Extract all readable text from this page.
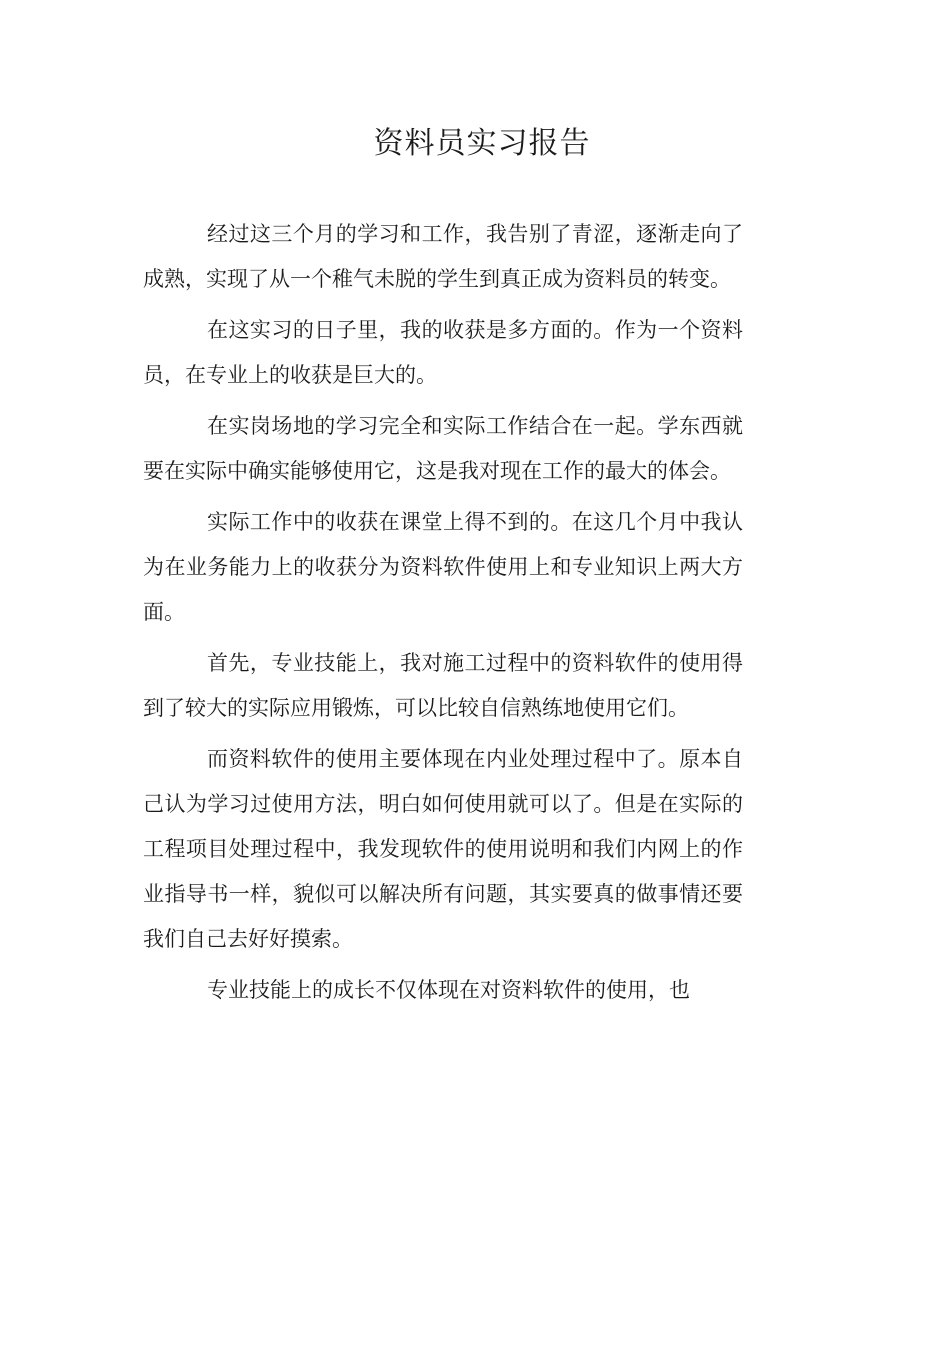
资料员实习报告

经过这三个月的学习和工作，我告别了青涩，逐渐走向了成熟，实现了从一个稚气未脱的学生到真正成为资料员的转变。

在这实习的日子里，我的收获是多方面的。作为一个资料员，在专业上的收获是巨大的。

在实岗场地的学习完全和实际工作结合在一起。学东西就要在实际中确实能够使用它，这是我对现在工作的最大的体会。

实际工作中的收获在课堂上得不到的。在这几个月中我认为在业务能力上的收获分为资料软件使用上和专业知识上两大方面。

首先，专业技能上，我对施工过程中的资料软件的使用得到了较大的实际应用锻炼，可以比较自信熟练地使用它们。

而资料软件的使用主要体现在内业处理过程中了。原本自己认为学习过使用方法，明白如何使用就可以了。但是在实际的工程项目处理过程中，我发现软件的使用说明和我们内网上的作业指导书一样，貌似可以解决所有问题，其实要真的做事情还要我们自己去好好摸索。

专业技能上的成长不仅体现在对资料软件的使用，也
